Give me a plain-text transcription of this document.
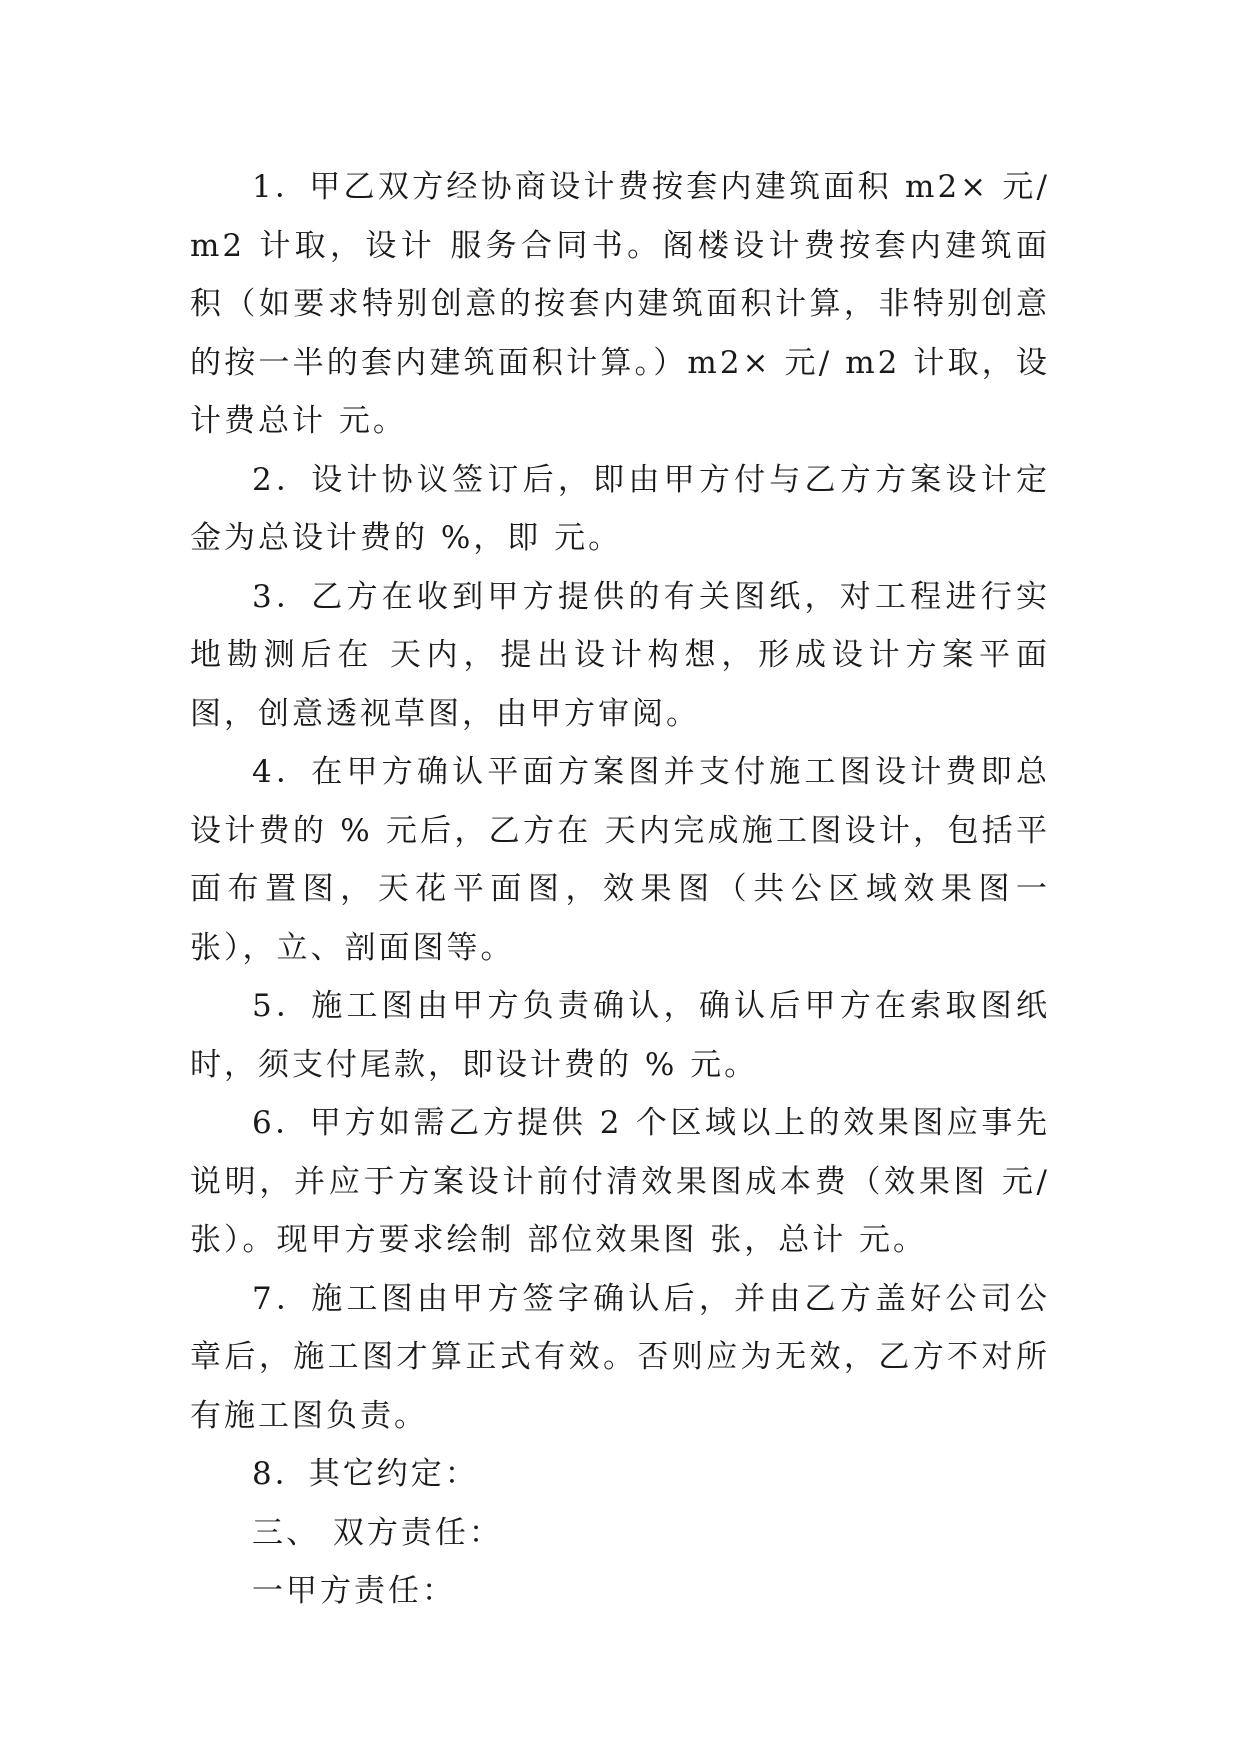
1．甲乙双方经协商设计费按套内建筑面积 m2× 元/m2 计取，设计 服务合同书。阁楼设计费按套内建筑面积（如要求特别创意的按套内建筑面积计算，非特别创意的按一半的套内建筑面积计算。）m2× 元/ m2 计取，设计费总计 元。

2．设计协议签订后，即由甲方付与乙方方案设计定金为总设计费的 %，即 元。

3．乙方在收到甲方提供的有关图纸，对工程进行实地勘测后在 天内，提出设计构想，形成设计方案平面图，创意透视草图，由甲方审阅。

4．在甲方确认平面方案图并支付施工图设计费即总设计费的 % 元后，乙方在 天内完成施工图设计，包括平面布置图，天花平面图，效果图（共公区域效果图一张），立、剖面图等。

5．施工图由甲方负责确认，确认后甲方在索取图纸时，须支付尾款，即设计费的 % 元。

6．甲方如需乙方提供 2 个区域以上的效果图应事先说明，并应于方案设计前付清效果图成本费（效果图 元/张）。现甲方要求绘制 部位效果图 张，总计 元。

7．施工图由甲方签字确认后，并由乙方盖好公司公章后，施工图才算正式有效。否则应为无效，乙方不对所有施工图负责。

8．其它约定：

三、 双方责任：

一甲方责任：
